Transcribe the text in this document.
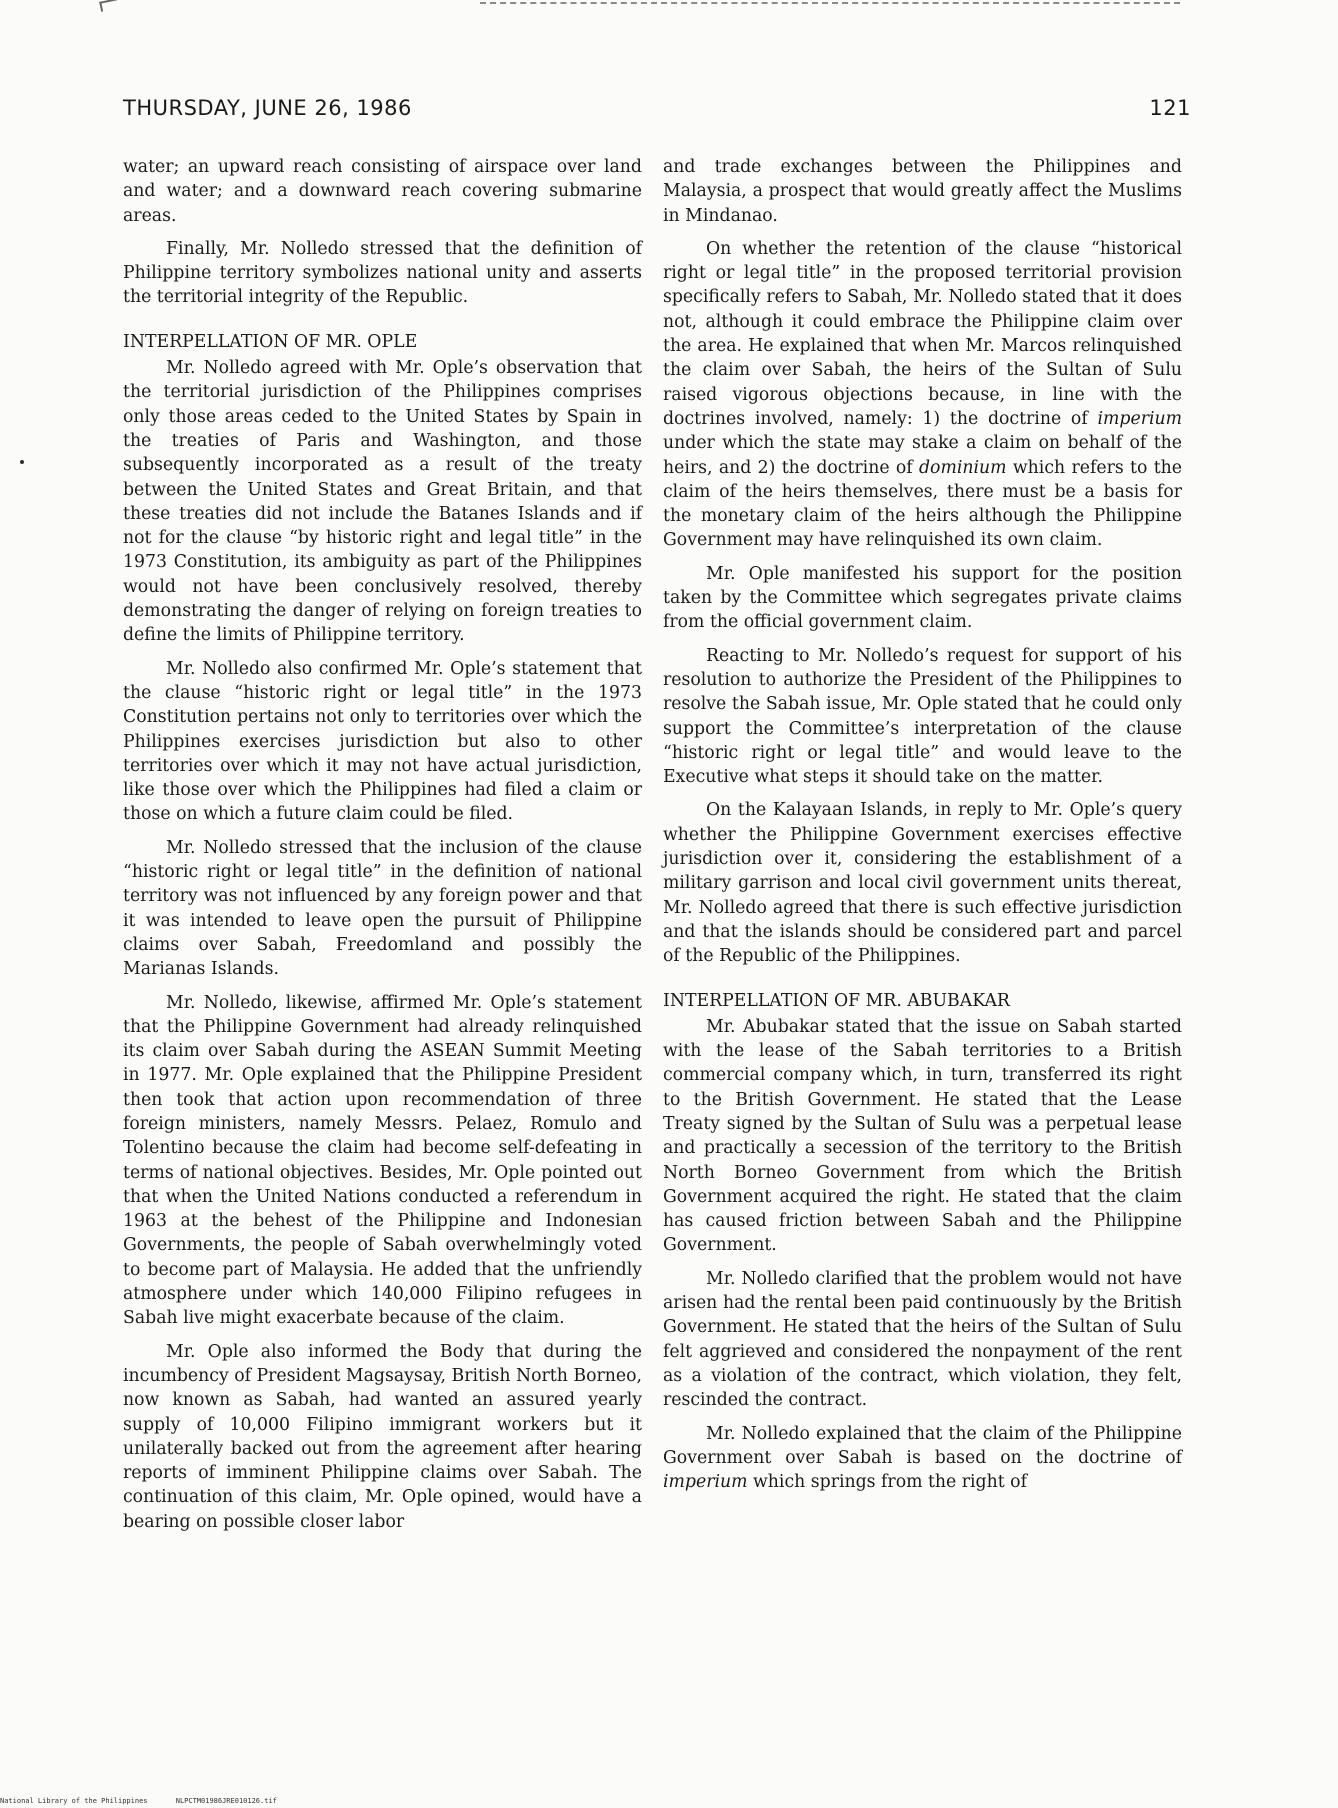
THURSDAY, JUNE 26, 1986	121

water; an upward reach consisting of airspace over land and water; and a downward reach covering submarine areas.

Finally, Mr. Nolledo stressed that the definition of Philippine territory symbolizes national unity and asserts the territorial integrity of the Republic.

INTERPELLATION OF MR. OPLE

Mr. Nolledo agreed with Mr. Ople’s observation that the territorial jurisdiction of the Philippines comprises only those areas ceded to the United States by Spain in the treaties of Paris and Washington, and those subsequently incorporated as a result of the treaty between the United States and Great Britain, and that these treaties did not include the Batanes Islands and if not for the clause “by historic right and legal title” in the 1973 Constitution, its ambiguity as part of the Philippines would not have been conclusively resolved, thereby demonstrating the danger of relying on foreign treaties to define the limits of Philippine territory.

Mr. Nolledo also confirmed Mr. Ople’s statement that the clause “historic right or legal title” in the 1973 Constitution pertains not only to territories over which the Philippines exercises jurisdiction but also to other territories over which it may not have actual jurisdiction, like those over which the Philippines had filed a claim or those on which a future claim could be filed.

Mr. Nolledo stressed that the inclusion of the clause “historic right or legal title” in the definition of national territory was not influenced by any foreign power and that it was intended to leave open the pursuit of Philippine claims over Sabah, Freedomland and possibly the Marianas Islands.

Mr. Nolledo, likewise, affirmed Mr. Ople’s statement that the Philippine Government had already relinquished its claim over Sabah during the ASEAN Summit Meeting in 1977. Mr. Ople explained that the Philippine President then took that action upon recommendation of three foreign ministers, namely Messrs. Pelaez, Romulo and Tolentino because the claim had become self-defeating in terms of national objectives. Besides, Mr. Ople pointed out that when the United Nations conducted a referendum in 1963 at the behest of the Philippine and Indonesian Governments, the people of Sabah overwhelmingly voted to become part of Malaysia. He added that the unfriendly atmosphere under which 140,000 Filipino refugees in Sabah live might exacerbate because of the claim.

Mr. Ople also informed the Body that during the incumbency of President Magsaysay, British North Borneo, now known as Sabah, had wanted an assured yearly supply of 10,000 Filipino immigrant workers but it unilaterally backed out from the agreement after hearing reports of imminent Philippine claims over Sabah. The continuation of this claim, Mr. Ople opined, would have a bearing on possible closer labor

and trade exchanges between the Philippines and Malaysia, a prospect that would greatly affect the Muslims in Mindanao.

On whether the retention of the clause “historical right or legal title” in the proposed territorial provision specifically refers to Sabah, Mr. Nolledo stated that it does not, although it could embrace the Philippine claim over the area. He explained that when Mr. Marcos relinquished the claim over Sabah, the heirs of the Sultan of Sulu raised vigorous objections because, in line with the doctrines involved, namely: 1) the doctrine of imperium under which the state may stake a claim on behalf of the heirs, and 2) the doctrine of dominium which refers to the claim of the heirs themselves, there must be a basis for the monetary claim of the heirs although the Philippine Government may have relinquished its own claim.

Mr. Ople manifested his support for the position taken by the Committee which segregates private claims from the official government claim.

Reacting to Mr. Nolledo’s request for support of his resolution to authorize the President of the Philippines to resolve the Sabah issue, Mr. Ople stated that he could only support the Committee’s interpretation of the clause “historic right or legal title” and would leave to the Executive what steps it should take on the matter.

On the Kalayaan Islands, in reply to Mr. Ople’s query whether the Philippine Government exercises effective jurisdiction over it, considering the establishment of a military garrison and local civil government units thereat, Mr. Nolledo agreed that there is such effective jurisdiction and that the islands should be considered part and parcel of the Republic of the Philippines.

INTERPELLATION OF MR. ABUBAKAR

Mr. Abubakar stated that the issue on Sabah started with the lease of the Sabah territories to a British commercial company which, in turn, transferred its right to the British Government. He stated that the Lease Treaty signed by the Sultan of Sulu was a perpetual lease and practically a secession of the territory to the British North Borneo Government from which the British Government acquired the right. He stated that the claim has caused friction between Sabah and the Philippine Government.

Mr. Nolledo clarified that the problem would not have arisen had the rental been paid continuously by the British Government. He stated that the heirs of the Sultan of Sulu felt aggrieved and considered the nonpayment of the rent as a violation of the contract, which violation, they felt, rescinded the contract.

Mr. Nolledo explained that the claim of the Philippine Government over Sabah is based on the doctrine of imperium which springs from the right of

National Library of the Philippines	NLPCTM01986JRE010126.tif
